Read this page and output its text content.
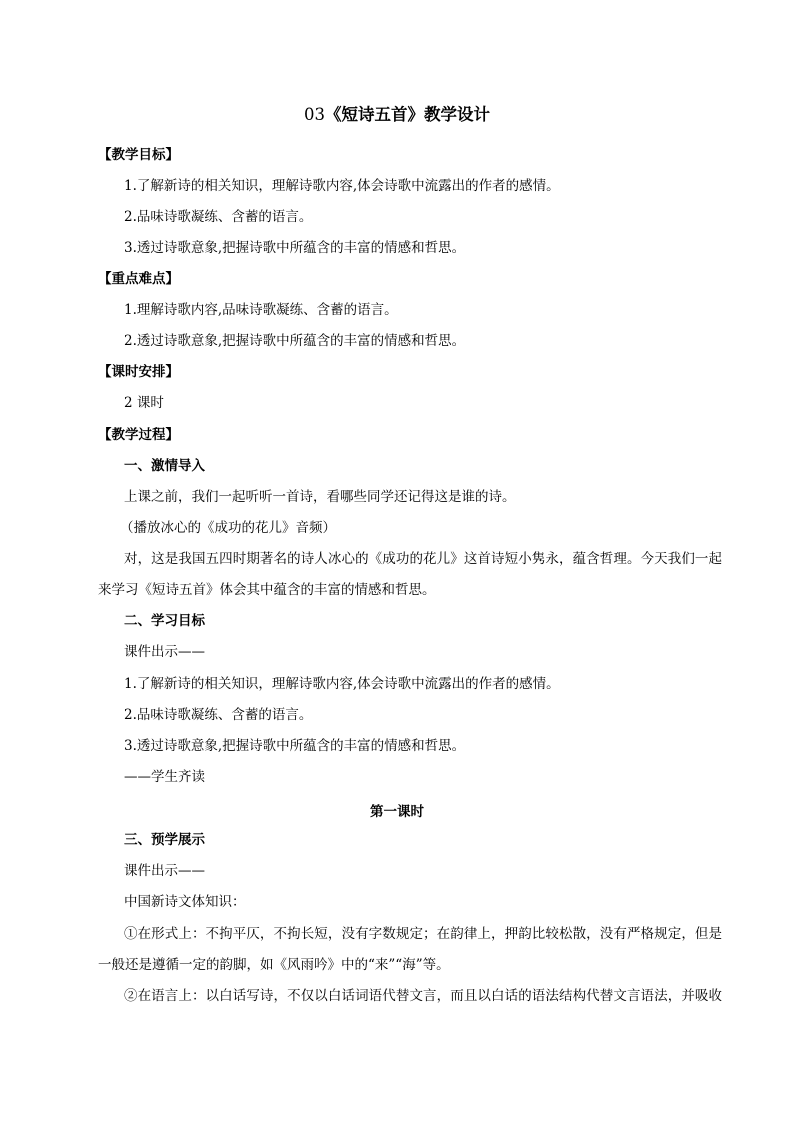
03《短诗五首》教学设计
【教学目标】
1.了解新诗的相关知识，理解诗歌内容,体会诗歌中流露出的作者的感情。
2.品味诗歌凝练、含蓄的语言。
3.透过诗歌意象,把握诗歌中所蕴含的丰富的情感和哲思。
【重点难点】
1.理解诗歌内容,品味诗歌凝练、含蓄的语言。
2.透过诗歌意象,把握诗歌中所蕴含的丰富的情感和哲思。
【课时安排】
2 课时
【教学过程】
一、激情导入
上课之前，我们一起听听一首诗，看哪些同学还记得这是谁的诗。
（播放冰心的《成功的花儿》音频）
对，这是我国五四时期著名的诗人冰心的《成功的花儿》这首诗短小隽永，蕴含哲理。今天我们一起
来学习《短诗五首》体会其中蕴含的丰富的情感和哲思。
二、学习目标
课件出示——
1.了解新诗的相关知识，理解诗歌内容,体会诗歌中流露出的作者的感情。
2.品味诗歌凝练、含蓄的语言。
3.透过诗歌意象,把握诗歌中所蕴含的丰富的情感和哲思。
——学生齐读
第一课时
三、预学展示
课件出示——
中国新诗文体知识：
①在形式上：不拘平仄，不拘长短，没有字数规定；在韵律上，押韵比较松散，没有严格规定，但是
一般还是遵循一定的韵脚，如《风雨吟》中的“来”“海”等。
②在语言上：以白话写诗，不仅以白话词语代替文言，而且以白话的语法结构代替文言语法，并吸收
